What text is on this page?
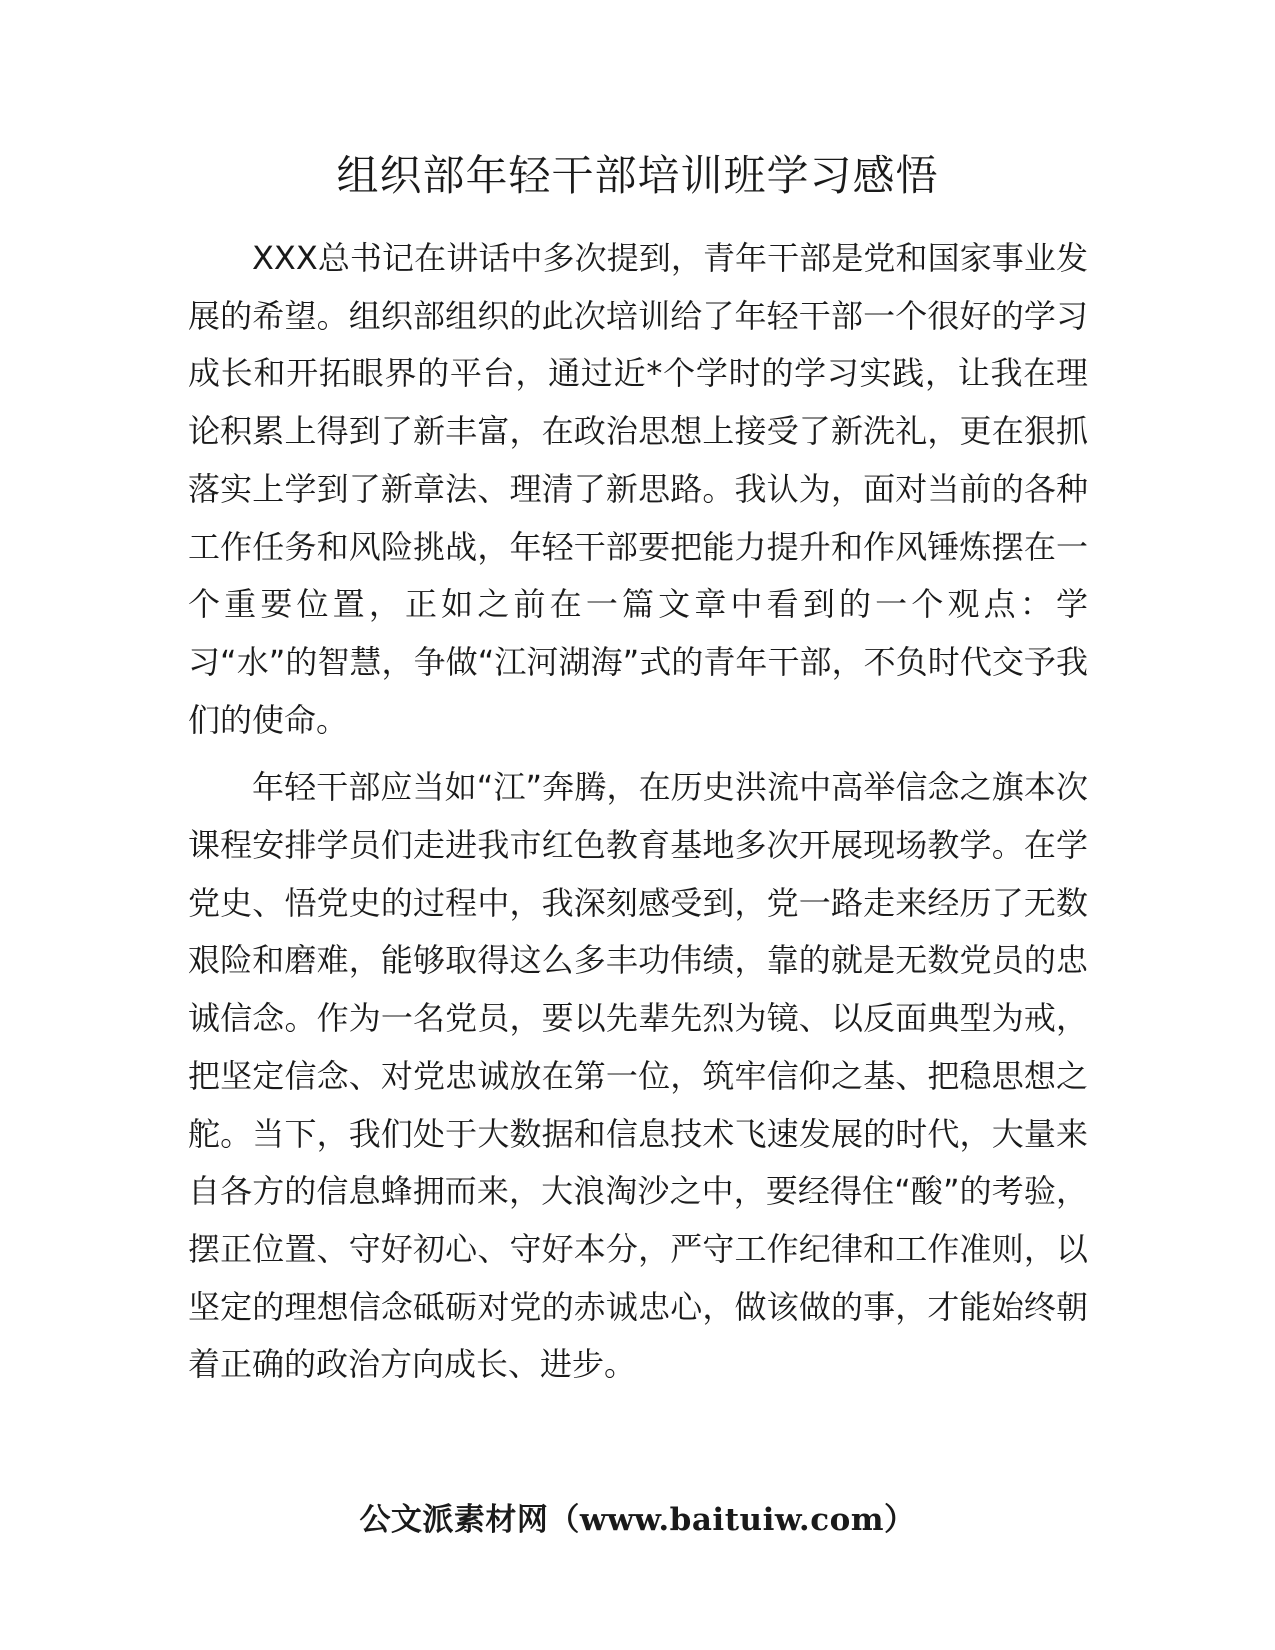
组织部年轻干部培训班学习感悟

XXX总书记在讲话中多次提到，青年干部是党和国家事业发展的希望。组织部组织的此次培训给了年轻干部一个很好的学习成长和开拓眼界的平台，通过近*个学时的学习实践，让我在理论积累上得到了新丰富，在政治思想上接受了新洗礼，更在狠抓落实上学到了新章法、理清了新思路。我认为，面对当前的各种工作任务和风险挑战，年轻干部要把能力提升和作风锤炼摆在一个重要位置，正如之前在一篇文章中看到的一个观点：学习“水”的智慧，争做“江河湖海”式的青年干部，不负时代交予我们的使命。

年轻干部应当如“江”奔腾，在历史洪流中高举信念之旗本次课程安排学员们走进我市红色教育基地多次开展现场教学。在学党史、悟党史的过程中，我深刻感受到，党一路走来经历了无数艰险和磨难，能够取得这么多丰功伟绩，靠的就是无数党员的忠诚信念。作为一名党员，要以先辈先烈为镜、以反面典型为戒，把坚定信念、对党忠诚放在第一位，筑牢信仰之基、把稳思想之舵。当下，我们处于大数据和信息技术飞速发展的时代，大量来自各方的信息蜂拥而来，大浪淘沙之中，要经得住“酸”的考验，摆正位置、守好初心、守好本分，严守工作纪律和工作准则，以坚定的理想信念砥砺对党的赤诚忠心，做该做的事，才能始终朝着正确的政治方向成长、进步。

公文派素材网（www.baituiw.com）
